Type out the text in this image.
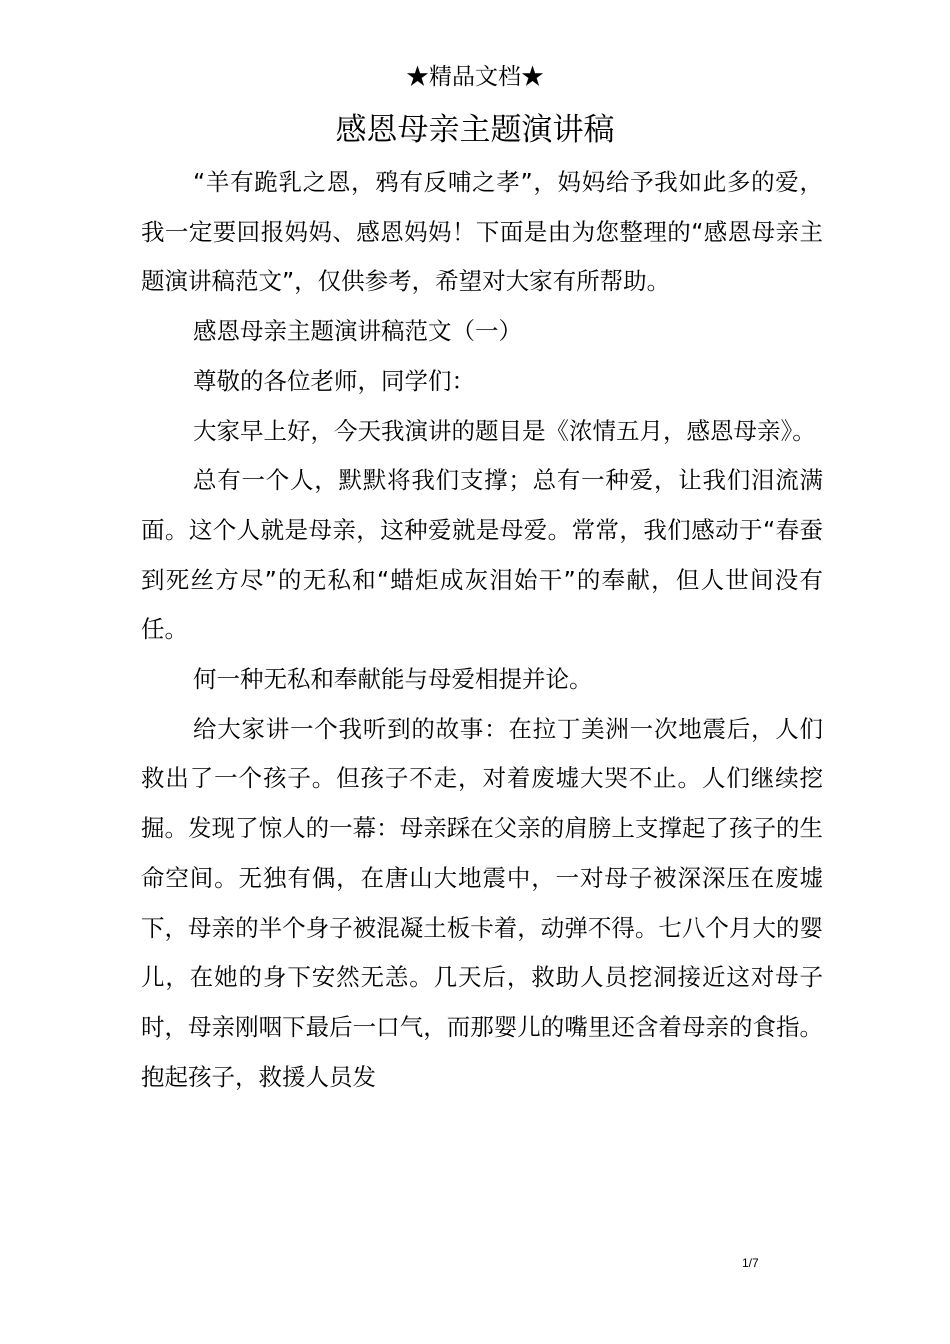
★精品文档★
感恩母亲主题演讲稿

“羊有跪乳之恩，鸦有反哺之孝”，妈妈给予我如此多的爱，我一定要回报妈妈、感恩妈妈！下面是由为您整理的“感恩母亲主题演讲稿范文”，仅供参考，希望对大家有所帮助。

感恩母亲主题演讲稿范文（一）

尊敬的各位老师，同学们：

大家早上好，今天我演讲的题目是《浓情五月，感恩母亲》。

总有一个人，默默将我们支撑；总有一种爱，让我们泪流满面。这个人就是母亲，这种爱就是母爱。常常，我们感动于“春蚕到死丝方尽”的无私和“蜡炬成灰泪始干”的奉献，但人世间没有任。

何一种无私和奉献能与母爱相提并论。

给大家讲一个我听到的故事：在拉丁美洲一次地震后，人们救出了一个孩子。但孩子不走，对着废墟大哭不止。人们继续挖掘。发现了惊人的一幕：母亲踩在父亲的肩膀上支撑起了孩子的生命空间。无独有偶，在唐山大地震中，一对母子被深深压在废墟下，母亲的半个身子被混凝土板卡着，动弹不得。七八个月大的婴儿，在她的身下安然无恙。几天后，救助人员挖洞接近这对母子时，母亲刚咽下最后一口气，而那婴儿的嘴里还含着母亲的食指。抱起孩子，救援人员发

1/7
